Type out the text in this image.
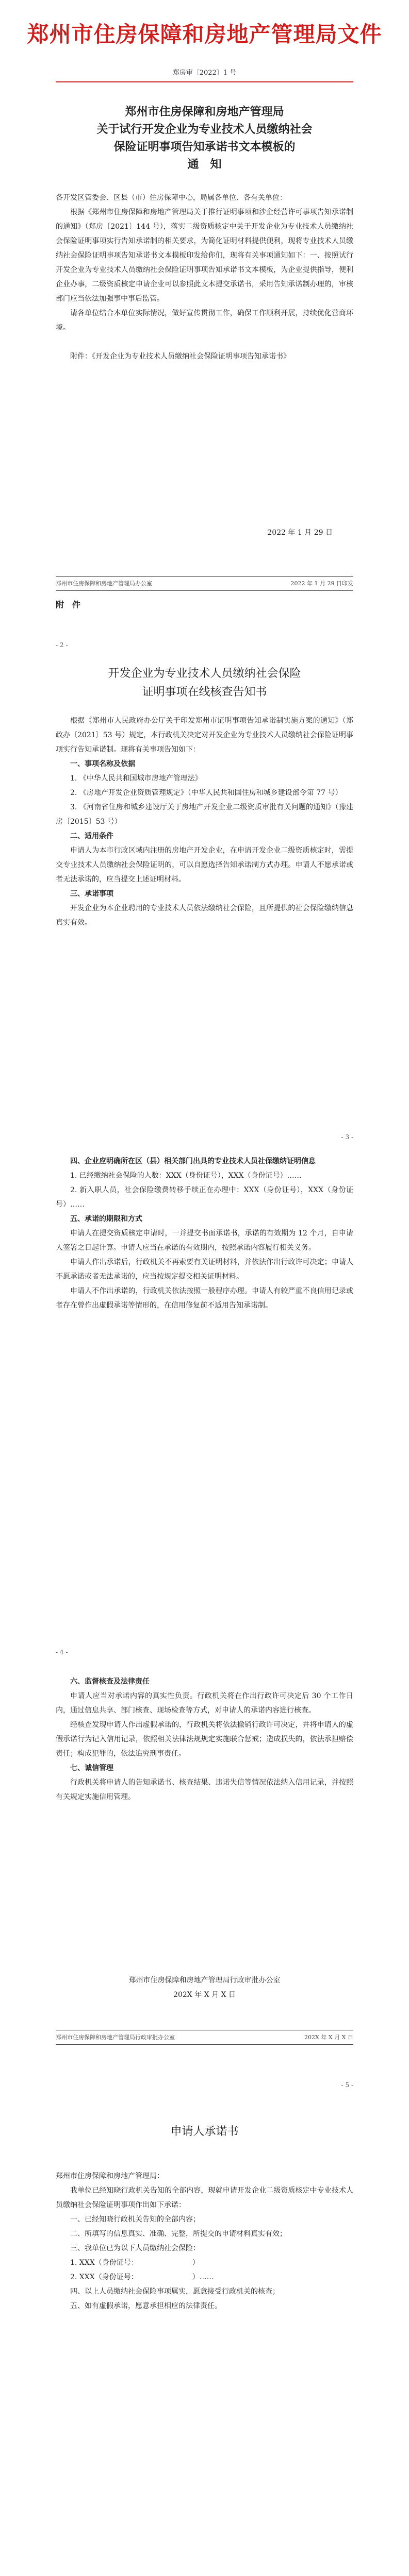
郑州市住房保障和房地产管理局文件
郑房审〔2022〕1 号

郑州市住房保障和房地产管理局

关于试行开发企业为专业技术人员缴纳社会

保险证明事项告知承诺书文本模板的

通　知

各开发区管委会、区县（市）住房保障中心，局属各单位、各有关单位：

根据《郑州市住房保障和房地产管理局关于推行证明事项和涉企经营许可事项告知承诺制的通知》（郑房〔2021〕144 号），落实二级资质核定中关于开发企业为专业技术人员缴纳社会保险证明事项实行告知承诺制的相关要求，为简化证明材料提供便利，现将专业技术人员缴纳社会保险证明事项告知承诺书文本模板印发给你们，现将有关事项通知如下：一、按照试行开发企业为专业技术人员缴纳社会保险证明事项告知承诺书文本模板，为企业提供指导，便利企业办事，二级资质核定申请企业可以参照此文本提交承诺书，采用告知承诺制办理的，审核部门应当依法加强事中事后监管。

请各单位结合本单位实际情况，做好宣传贯彻工作，确保工作顺利开展，持续优化营商环境。

附件：《开发企业为专业技术人员缴纳社会保险证明事项告知承诺书》

2022 年 1 月 29 日

郑州市住房保障和房地产管理局办公室	2022 年 1 月 29 日印发

附　件

- 2 -

开发企业为专业技术人员缴纳社会保险

证明事项在线核查告知书

根据《郑州市人民政府办公厅关于印发郑州市证明事项告知承诺制实施方案的通知》（郑政办〔2021〕53 号）规定，本行政机关决定对开发企业为专业技术人员缴纳社会保险证明事项实行告知承诺制。现将有关事项告知如下：

一、事项名称及依据

1. 《中华人民共和国城市房地产管理法》

2. 《房地产开发企业资质管理规定》（中华人民共和国住房和城乡建设部令第 77 号）

3. 《河南省住房和城乡建设厅关于房地产开发企业二级资质审批有关问题的通知》（豫建房〔2015〕53 号）

二、适用条件

申请人为本市行政区域内注册的房地产开发企业，在申请开发企业二级资质核定时，需提交专业技术人员缴纳社会保险证明的，可以自愿选择告知承诺制方式办理。申请人不愿承诺或者无法承诺的，应当提交上述证明材料。

三、承诺事项

开发企业为本企业聘用的专业技术人员依法缴纳社会保险，且所提供的社会保险缴纳信息真实有效。

- 3 -

四、企业应明确所在区（县）相关部门出具的专业技术人员社保缴纳证明信息

1. 已经缴纳社会保险的人数：XXX（身份证号），XXX（身份证号）……

2. 新入职人员，社会保险缴费转移手续正在办理中：XXX（身份证号），XXX（身份证号）……

五、承诺的期限和方式

申请人在提交资质核定申请时，一并提交书面承诺书，承诺的有效期为 12 个月，自申请人签署之日起计算。申请人应当在承诺的有效期内，按照承诺内容履行相关义务。

申请人作出承诺后，行政机关不再索要有关证明材料，并依法作出行政许可决定；申请人不愿承诺或者无法承诺的，应当按规定提交相关证明材料。

申请人不作出承诺的，行政机关依法按照一般程序办理。申请人有较严重不良信用记录或者存在曾作出虚假承诺等情形的，在信用修复前不适用告知承诺制。

- 4 -

六、监督核查及法律责任

申请人应当对承诺内容的真实性负责。行政机关将在作出行政许可决定后 30 个工作日内，通过信息共享、部门核查、现场检查等方式，对申请人的承诺内容进行核查。

经核查发现申请人作出虚假承诺的，行政机关将依法撤销行政许可决定，并将申请人的虚假承诺行为记入信用记录，依照相关法律法规规定实施联合惩戒；造成损失的，依法承担赔偿责任；构成犯罪的，依法追究刑事责任。

七、诚信管理

行政机关将申请人的告知承诺书、核查结果、违诺失信等情况依法纳入信用记录，并按照有关规定实施信用管理。

郑州市住房保障和房地产管理局行政审批办公室

202X 年 X 月 X 日

郑州市住房保障和房地产管理局行政审批办公室	202X 年 X 月 X 日
- 5 -

申请人承诺书

郑州市住房保障和房地产管理局：

我单位已经知晓行政机关告知的全部内容，现就申请开发企业二级资质核定中专业技术人员缴纳社会保险证明事项作出如下承诺：

一、已经知晓行政机关告知的全部内容；

二、所填写的信息真实、准确、完整，所提交的申请材料真实有效；

三、我单位已为以下人员缴纳社会保险：

1. XXX（身份证号：　　　　　　　　）

2. XXX（身份证号：　　　　　　　　）……

四、以上人员缴纳社会保险事项属实，愿意接受行政机关的核查；

五、如有虚假承诺，愿意承担相应的法律责任。
